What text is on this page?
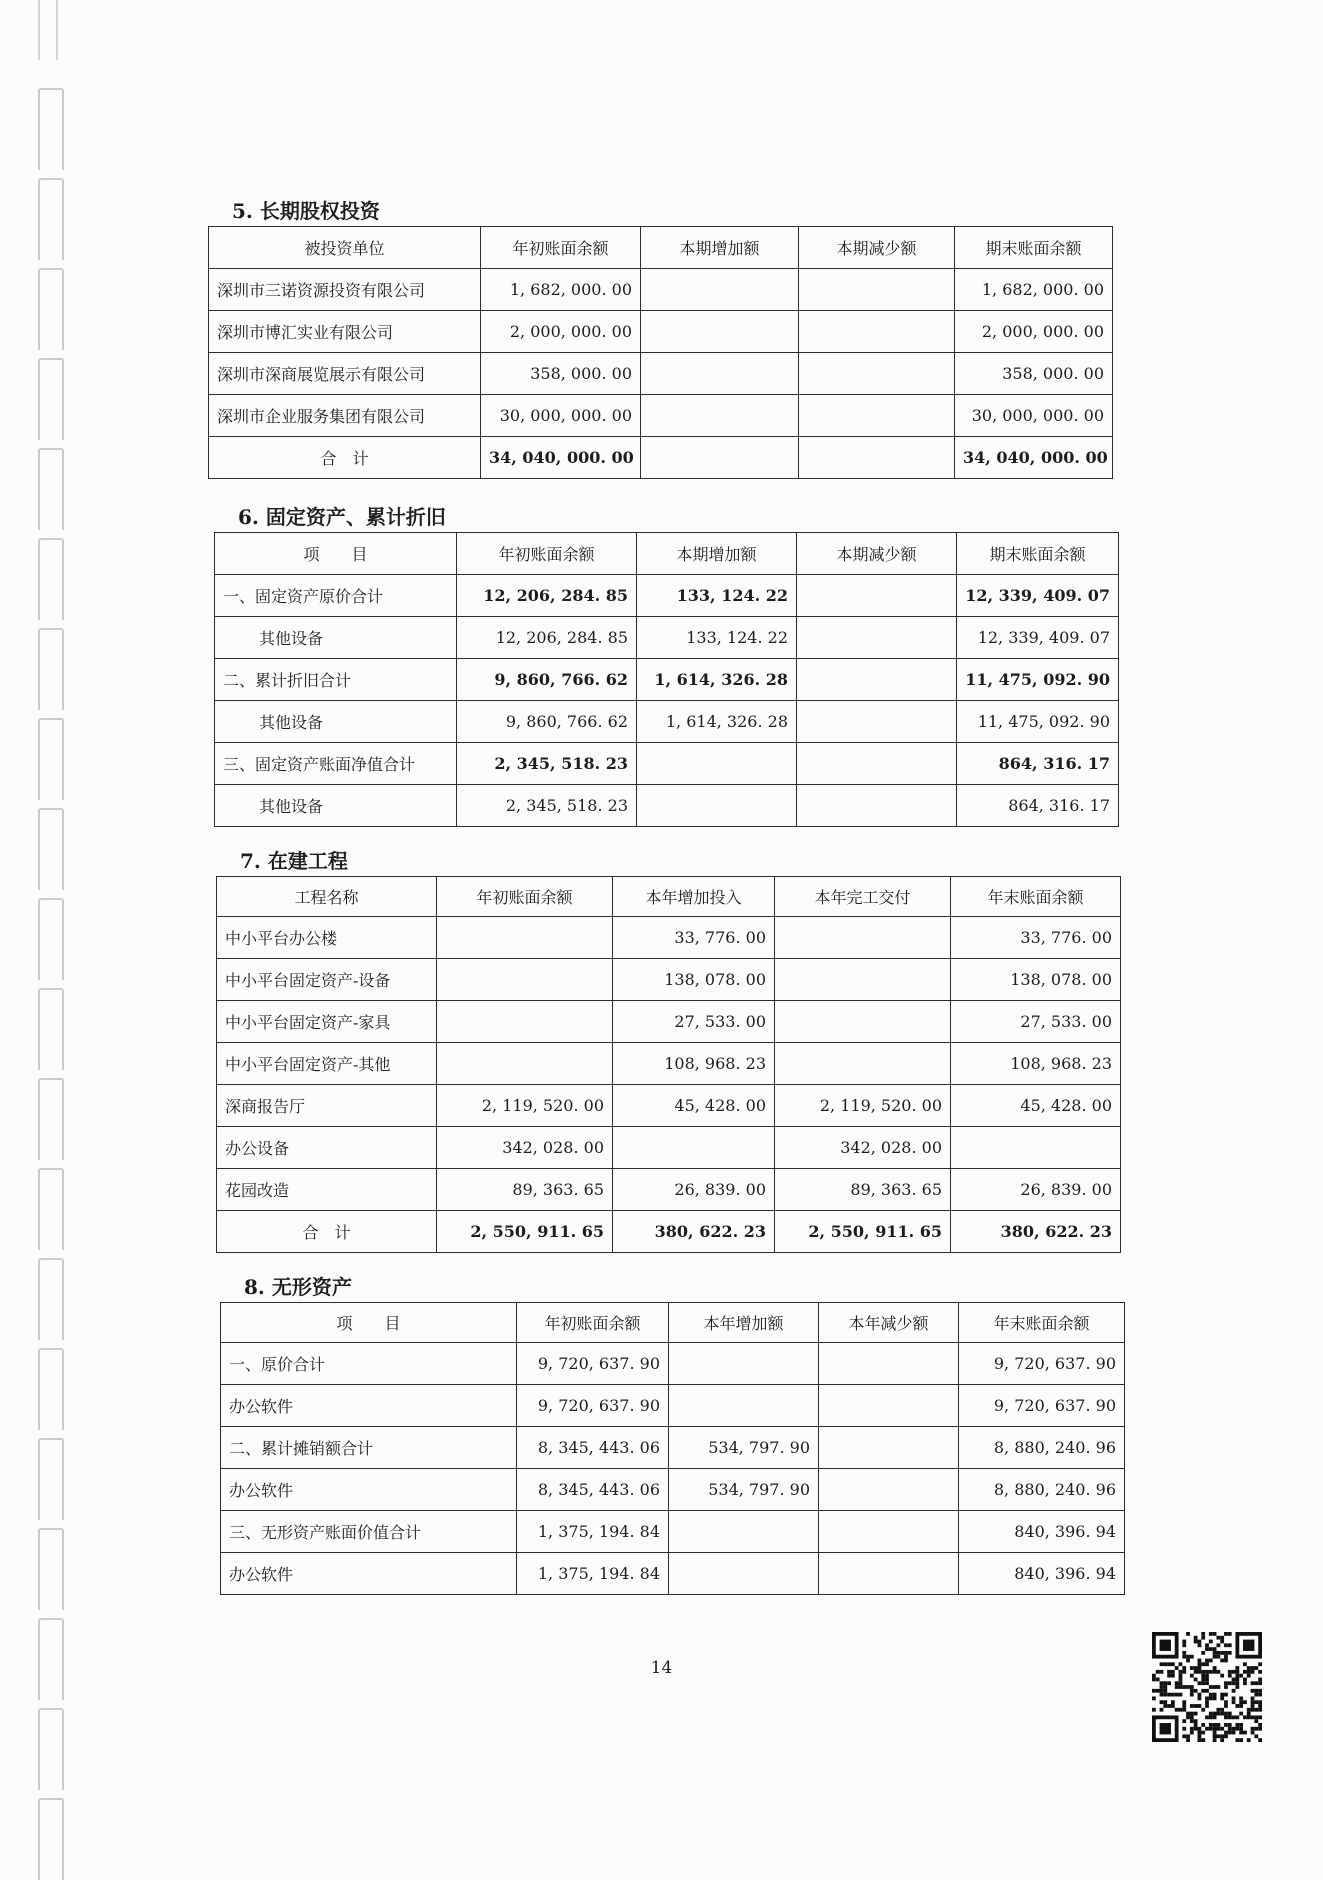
5. 长期股权投资
被投资单位	年初账面余额	本期增加额	本期减少额	期末账面余额
深圳市三诺资源投资有限公司	1, 682, 000. 00			1, 682, 000. 00
深圳市博汇实业有限公司	2, 000, 000. 00			2, 000, 000. 00
深圳市深商展览展示有限公司	358, 000. 00			358, 000. 00
深圳市企业服务集团有限公司	30, 000, 000. 00			30, 000, 000. 00
合　计	34, 040, 000. 00			34, 040, 000. 00
6. 固定资产、累计折旧
项　　目	年初账面余额	本期增加额	本期减少额	期末账面余额
一、固定资产原价合计	12, 206, 284. 85	133, 124. 22		12, 339, 409. 07
其他设备	12, 206, 284. 85	133, 124. 22		12, 339, 409. 07
二、累计折旧合计	9, 860, 766. 62	1, 614, 326. 28		11, 475, 092. 90
其他设备	9, 860, 766. 62	1, 614, 326. 28		11, 475, 092. 90
三、固定资产账面净值合计	2, 345, 518. 23			864, 316. 17
其他设备	2, 345, 518. 23			864, 316. 17
7. 在建工程
工程名称	年初账面余额	本年增加投入	本年完工交付	年末账面余额
中小平台办公楼		33, 776. 00		33, 776. 00
中小平台固定资产-设备		138, 078. 00		138, 078. 00
中小平台固定资产-家具		27, 533. 00		27, 533. 00
中小平台固定资产-其他		108, 968. 23		108, 968. 23
深商报告厅	2, 119, 520. 00	45, 428. 00	2, 119, 520. 00	45, 428. 00
办公设备	342, 028. 00		342, 028. 00	
花园改造	89, 363. 65	26, 839. 00	89, 363. 65	26, 839. 00
合　计	2, 550, 911. 65	380, 622. 23	2, 550, 911. 65	380, 622. 23
8. 无形资产
项　　目	年初账面余额	本年增加额	本年减少额	年末账面余额
一、原价合计	9, 720, 637. 90			9, 720, 637. 90
办公软件	9, 720, 637. 90			9, 720, 637. 90
二、累计摊销额合计	8, 345, 443. 06	534, 797. 90		8, 880, 240. 96
办公软件	8, 345, 443. 06	534, 797. 90		8, 880, 240. 96
三、无形资产账面价值合计	1, 375, 194. 84			840, 396. 94
办公软件	1, 375, 194. 84			840, 396. 94
14
